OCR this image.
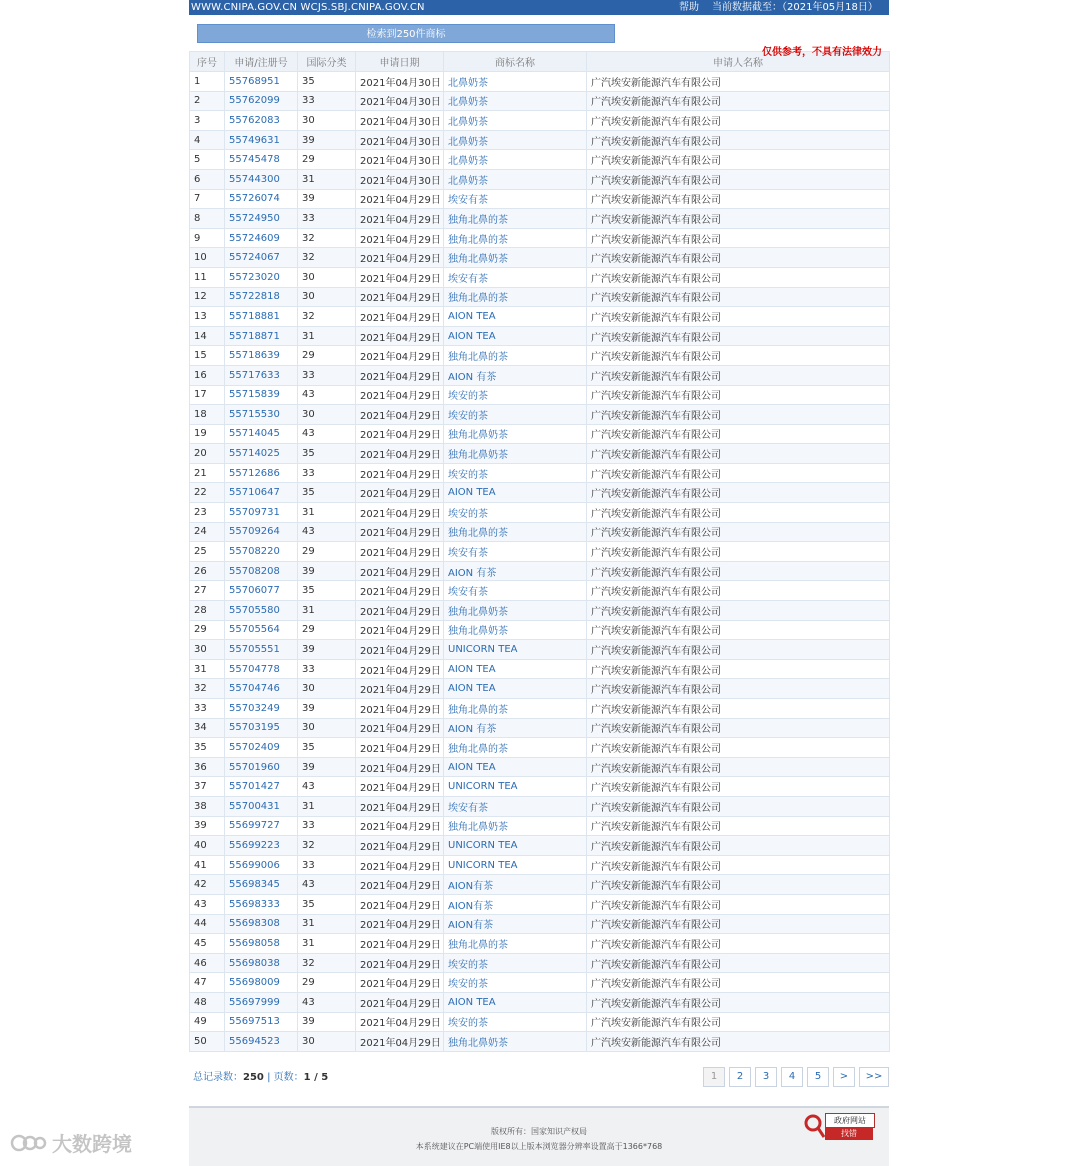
WWW.CNIPA.GOV.CN WCJS.SBJ.CNIPA.GOV.CN	帮助 当前数据截至：（2021年05月18日）
检索到250件商标
仅供参考，不具有法律效力
序号	申请/注册号	国际分类	申请日期	商标名称	申请人名称
1	55768951	35	2021年04月30日	北鼻奶茶	广汽埃安新能源汽车有限公司
2	55762099	33	2021年04月30日	北鼻奶茶	广汽埃安新能源汽车有限公司
3	55762083	30	2021年04月30日	北鼻奶茶	广汽埃安新能源汽车有限公司
4	55749631	39	2021年04月30日	北鼻奶茶	广汽埃安新能源汽车有限公司
5	55745478	29	2021年04月30日	北鼻奶茶	广汽埃安新能源汽车有限公司
6	55744300	31	2021年04月30日	北鼻奶茶	广汽埃安新能源汽车有限公司
7	55726074	39	2021年04月29日	埃安有茶	广汽埃安新能源汽车有限公司
8	55724950	33	2021年04月29日	独角北鼻的茶	广汽埃安新能源汽车有限公司
9	55724609	32	2021年04月29日	独角北鼻的茶	广汽埃安新能源汽车有限公司
10	55724067	32	2021年04月29日	独角北鼻奶茶	广汽埃安新能源汽车有限公司
11	55723020	30	2021年04月29日	埃安有茶	广汽埃安新能源汽车有限公司
12	55722818	30	2021年04月29日	独角北鼻的茶	广汽埃安新能源汽车有限公司
13	55718881	32	2021年04月29日	AION TEA	广汽埃安新能源汽车有限公司
14	55718871	31	2021年04月29日	AION TEA	广汽埃安新能源汽车有限公司
15	55718639	29	2021年04月29日	独角北鼻的茶	广汽埃安新能源汽车有限公司
16	55717633	33	2021年04月29日	AION 有茶	广汽埃安新能源汽车有限公司
17	55715839	43	2021年04月29日	埃安的茶	广汽埃安新能源汽车有限公司
18	55715530	30	2021年04月29日	埃安的茶	广汽埃安新能源汽车有限公司
19	55714045	43	2021年04月29日	独角北鼻奶茶	广汽埃安新能源汽车有限公司
20	55714025	35	2021年04月29日	独角北鼻奶茶	广汽埃安新能源汽车有限公司
21	55712686	33	2021年04月29日	埃安的茶	广汽埃安新能源汽车有限公司
22	55710647	35	2021年04月29日	AION TEA	广汽埃安新能源汽车有限公司
23	55709731	31	2021年04月29日	埃安的茶	广汽埃安新能源汽车有限公司
24	55709264	43	2021年04月29日	独角北鼻的茶	广汽埃安新能源汽车有限公司
25	55708220	29	2021年04月29日	埃安有茶	广汽埃安新能源汽车有限公司
26	55708208	39	2021年04月29日	AION 有茶	广汽埃安新能源汽车有限公司
27	55706077	35	2021年04月29日	埃安有茶	广汽埃安新能源汽车有限公司
28	55705580	31	2021年04月29日	独角北鼻奶茶	广汽埃安新能源汽车有限公司
29	55705564	29	2021年04月29日	独角北鼻奶茶	广汽埃安新能源汽车有限公司
30	55705551	39	2021年04月29日	UNICORN TEA	广汽埃安新能源汽车有限公司
31	55704778	33	2021年04月29日	AION TEA	广汽埃安新能源汽车有限公司
32	55704746	30	2021年04月29日	AION TEA	广汽埃安新能源汽车有限公司
33	55703249	39	2021年04月29日	独角北鼻的茶	广汽埃安新能源汽车有限公司
34	55703195	30	2021年04月29日	AION 有茶	广汽埃安新能源汽车有限公司
35	55702409	35	2021年04月29日	独角北鼻的茶	广汽埃安新能源汽车有限公司
36	55701960	39	2021年04月29日	AION TEA	广汽埃安新能源汽车有限公司
37	55701427	43	2021年04月29日	UNICORN TEA	广汽埃安新能源汽车有限公司
38	55700431	31	2021年04月29日	埃安有茶	广汽埃安新能源汽车有限公司
39	55699727	33	2021年04月29日	独角北鼻奶茶	广汽埃安新能源汽车有限公司
40	55699223	32	2021年04月29日	UNICORN TEA	广汽埃安新能源汽车有限公司
41	55699006	33	2021年04月29日	UNICORN TEA	广汽埃安新能源汽车有限公司
42	55698345	43	2021年04月29日	AION有茶	广汽埃安新能源汽车有限公司
43	55698333	35	2021年04月29日	AION有茶	广汽埃安新能源汽车有限公司
44	55698308	31	2021年04月29日	AION有茶	广汽埃安新能源汽车有限公司
45	55698058	31	2021年04月29日	独角北鼻的茶	广汽埃安新能源汽车有限公司
46	55698038	32	2021年04月29日	埃安的茶	广汽埃安新能源汽车有限公司
47	55698009	29	2021年04月29日	埃安的茶	广汽埃安新能源汽车有限公司
48	55697999	43	2021年04月29日	AION TEA	广汽埃安新能源汽车有限公司
49	55697513	39	2021年04月29日	埃安的茶	广汽埃安新能源汽车有限公司
50	55694523	30	2021年04月29日	独角北鼻奶茶	广汽埃安新能源汽车有限公司
总记录数：250 | 页数：1 / 5	1	2	3	4	5	>	>>
版权所有：国家知识产权局
本系统建议在PC端使用IE8以上版本浏览器分辨率设置高于1366*768
政府网站
找错
大数跨境
